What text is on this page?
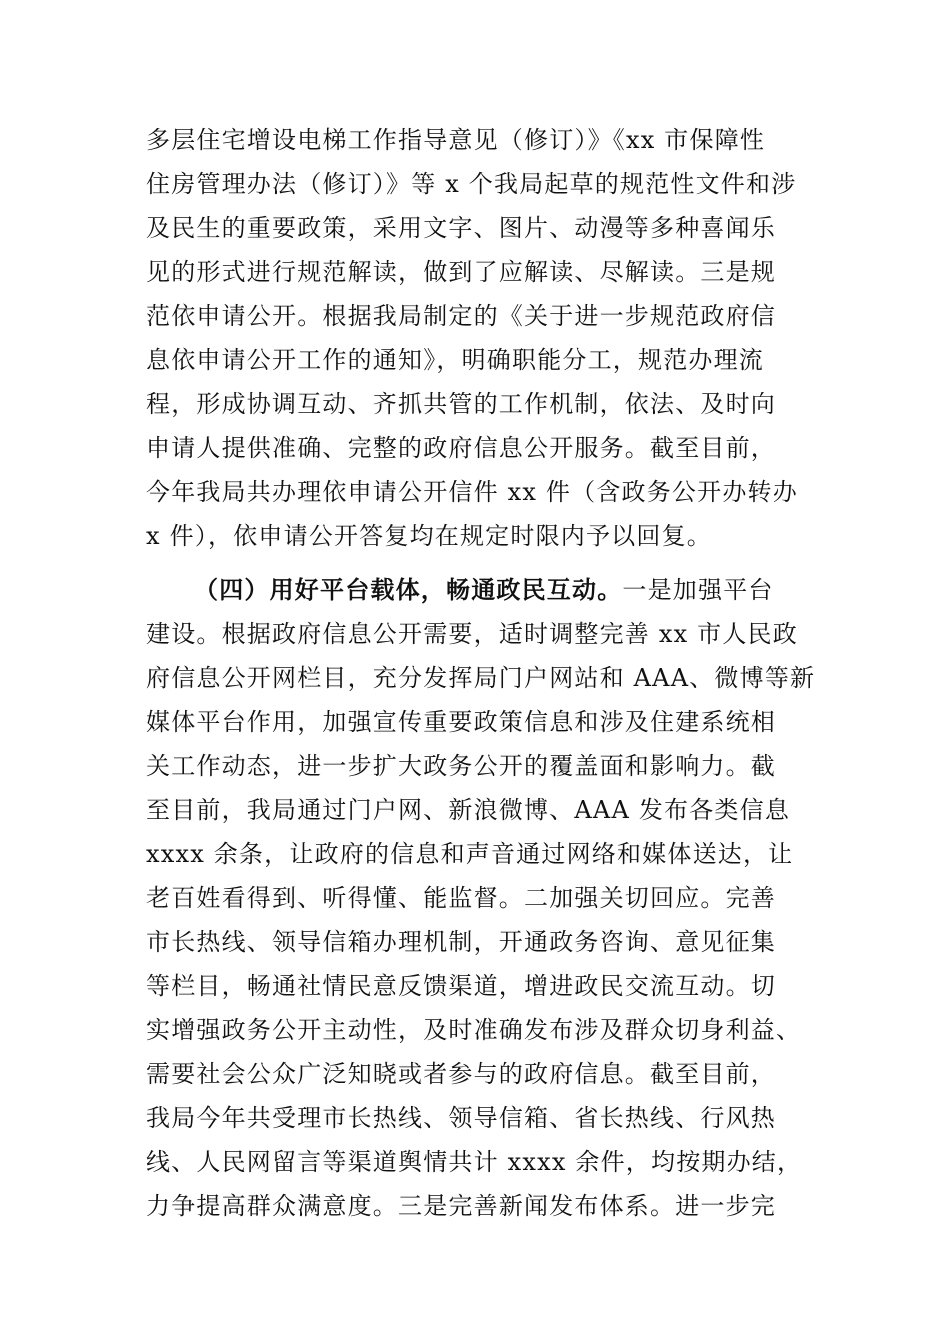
多层住宅增设电梯工作指导意见（修订）》《xx 市保障性
住房管理办法（修订）》等 x 个我局起草的规范性文件和涉
及民生的重要政策，采用文字、图片、动漫等多种喜闻乐
见的形式进行规范解读，做到了应解读、尽解读。三是规
范依申请公开。根据我局制定的《关于进一步规范政府信
息依申请公开工作的通知》，明确职能分工，规范办理流
程，形成协调互动、齐抓共管的工作机制，依法、及时向
申请人提供准确、完整的政府信息公开服务。截至目前，
今年我局共办理依申请公开信件 xx 件（含政务公开办转办
x 件），依申请公开答复均在规定时限内予以回复。
（四）用好平台载体，畅通政民互动。一是加强平台
建设。根据政府信息公开需要，适时调整完善 xx 市人民政
府信息公开网栏目，充分发挥局门户网站和 AAA、微博等新
媒体平台作用，加强宣传重要政策信息和涉及住建系统相
关工作动态，进一步扩大政务公开的覆盖面和影响力。截
至目前，我局通过门户网、新浪微博、AAA 发布各类信息
xxxx 余条，让政府的信息和声音通过网络和媒体送达，让
老百姓看得到、听得懂、能监督。二加强关切回应。完善
市长热线、领导信箱办理机制，开通政务咨询、意见征集
等栏目，畅通社情民意反馈渠道，增进政民交流互动。切
实增强政务公开主动性，及时准确发布涉及群众切身利益、
需要社会公众广泛知晓或者参与的政府信息。截至目前，
我局今年共受理市长热线、领导信箱、省长热线、行风热
线、人民网留言等渠道舆情共计 xxxx 余件，均按期办结，
力争提高群众满意度。三是完善新闻发布体系。进一步完
